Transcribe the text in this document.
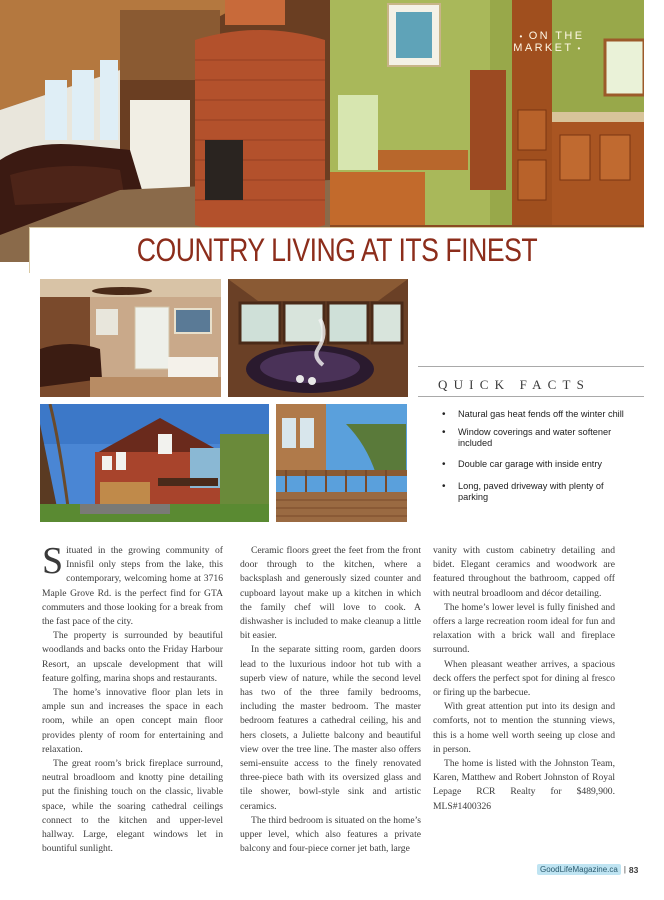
• ON THE MARKET •
COUNTRY LIVING AT ITS FINEST
QUICK FACTS
• Natural gas heat fends off the winter chill
• Window coverings and water softener included
• Double car garage with inside entry
• Long, paved driveway with plenty of parking

Situated in the growing community of Innisfil only steps from the lake, this contemporary, welcoming home at 3716 Maple Grove Rd. is the perfect find for GTA commuters and those looking for a break from the fast pace of the city.

The property is surrounded by beautiful woodlands and backs onto the Friday Harbour Resort, an upscale development that will feature golfing, marina shops and restaurants.

The home’s innovative floor plan lets in ample sun and increases the space in each room, while an open concept main floor provides plenty of room for entertaining and relaxation.

The great room’s brick fireplace surround, neutral broadloom and knotty pine detailing put the finishing touch on the classic, livable space, while the soaring cathedral ceilings connect to the kitchen and upper-level hallway. Large, elegant windows let in bountiful sunlight.

Ceramic floors greet the feet from the front door through to the kitchen, where a backsplash and generously sized counter and cupboard layout make up a kitchen in which the family chef will love to cook. A dishwasher is included to make cleanup a little bit easier.

In the separate sitting room, garden doors lead to the luxurious indoor hot tub with a superb view of nature, while the second level has two of the three family bedrooms, including the master bedroom. The master bedroom features a cathedral ceiling, his and hers closets, a Juliette balcony and beautiful view over the tree line. The master also offers semi-ensuite access to the finely renovated three-piece bath with its oversized glass and tile shower, bowl-style sink and artistic ceramics.

The third bedroom is situated on the home’s upper level, which also features a private balcony and four-piece corner jet bath, large

vanity with custom cabinetry detailing and bidet. Elegant ceramics and woodwork are featured throughout the bathroom, capped off with neutral broadloom and décor detailing.

The home’s lower level is fully finished and offers a large recreation room ideal for fun and relaxation with a brick wall and fireplace surround.

When pleasant weather arrives, a spacious deck offers the perfect spot for dining al fresco or firing up the barbecue.

With great attention put into its design and comforts, not to mention the stunning views, this is a home well worth seeing up close and in person.

The home is listed with the Johnston Team, Karen, Matthew and Robert Johnston of Royal Lepage RCR Realty for $489,900. MLS#1400326

GoodLifeMagazine.ca | 83
